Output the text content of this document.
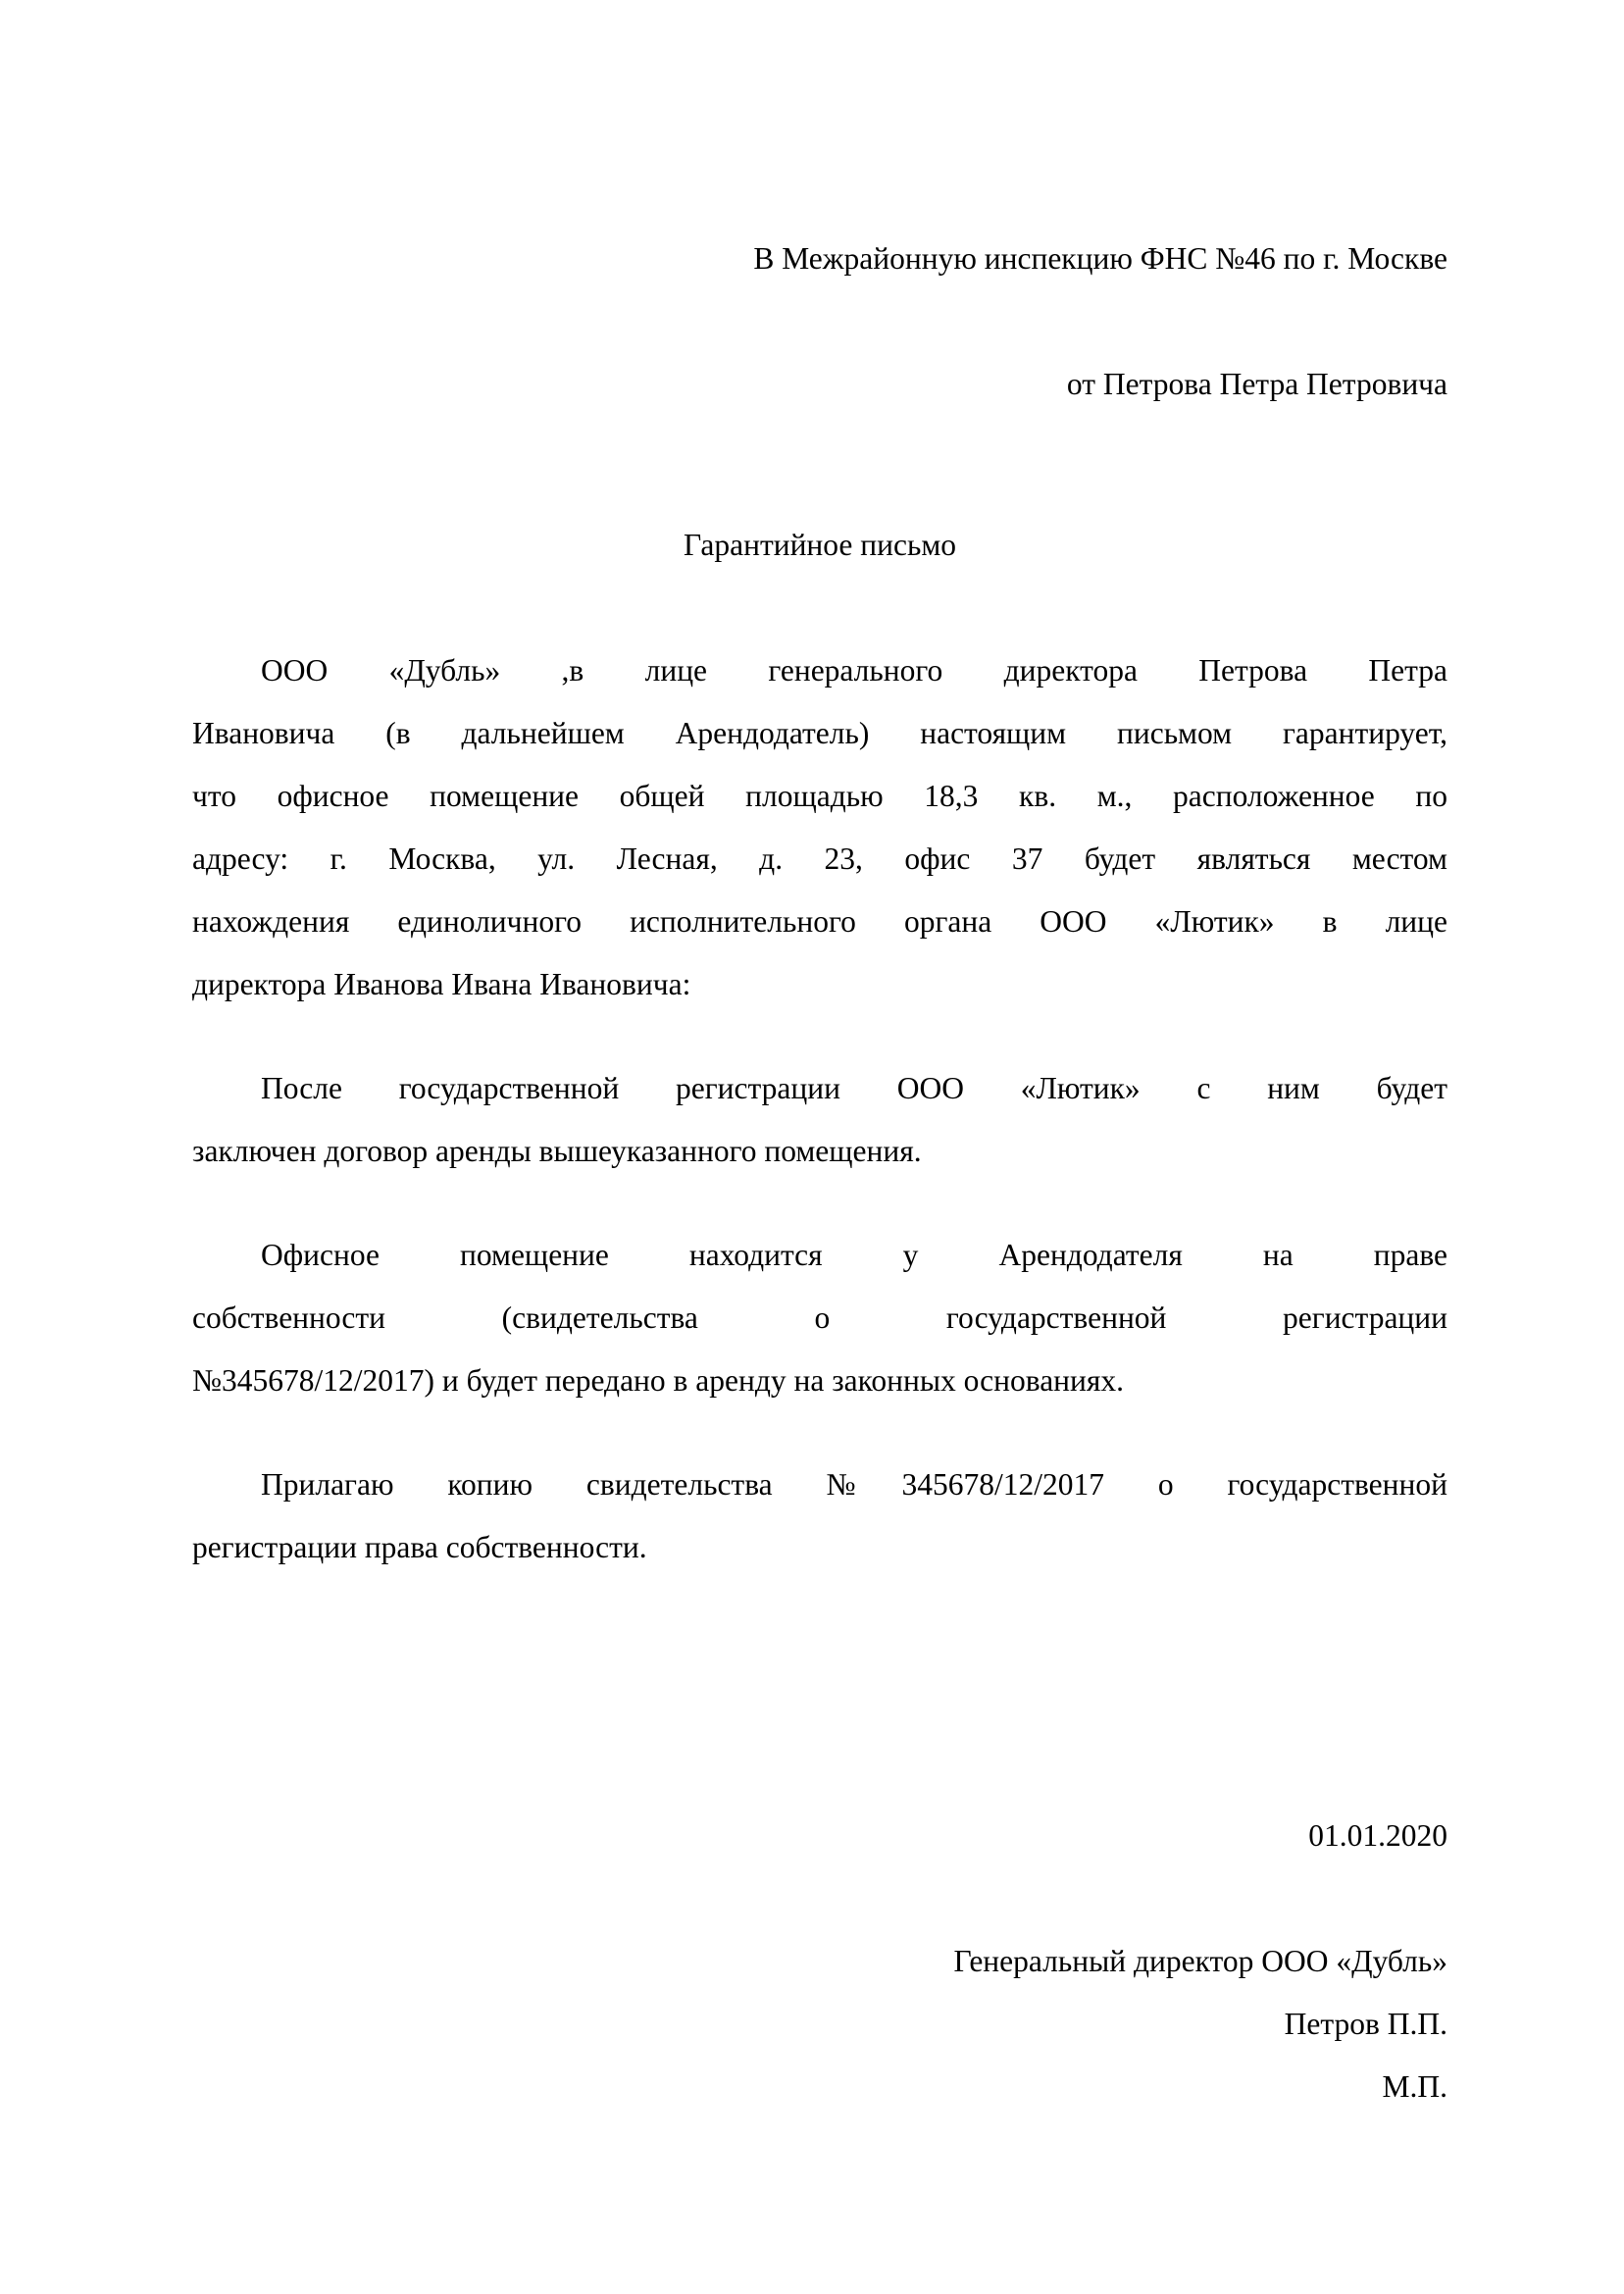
В Межрайонную инспекцию ФНС №46 по г. Москве
от Петрова Петра Петровича
Гарантийное письмо
ООО «Дубль» ,в лице генерального директора Петрова Петра
Ивановича (в дальнейшем Арендодатель) настоящим письмом гарантирует,
что офисное помещение общей площадью 18,3 кв. м., расположенное по
адресу: г. Москва, ул. Лесная, д. 23, офис 37 будет являться местом
нахождения единоличного исполнительного органа ООО «Лютик» в лице
директора Иванова Ивана Ивановича:
После государственной регистрации ООО «Лютик» с ним будет
заключен договор аренды вышеуказанного помещения.
Офисное помещение находится у Арендодателя на праве
собственности (свидетельства о государственной регистрации
№345678/12/2017) и будет передано в аренду на законных основаниях.
Прилагаю копию свидетельства №345678/12/2017 о государственной
регистрации права собственности.
01.01.2020
Генеральный директор ООО «Дубль»
Петров П.П.
М.П.
